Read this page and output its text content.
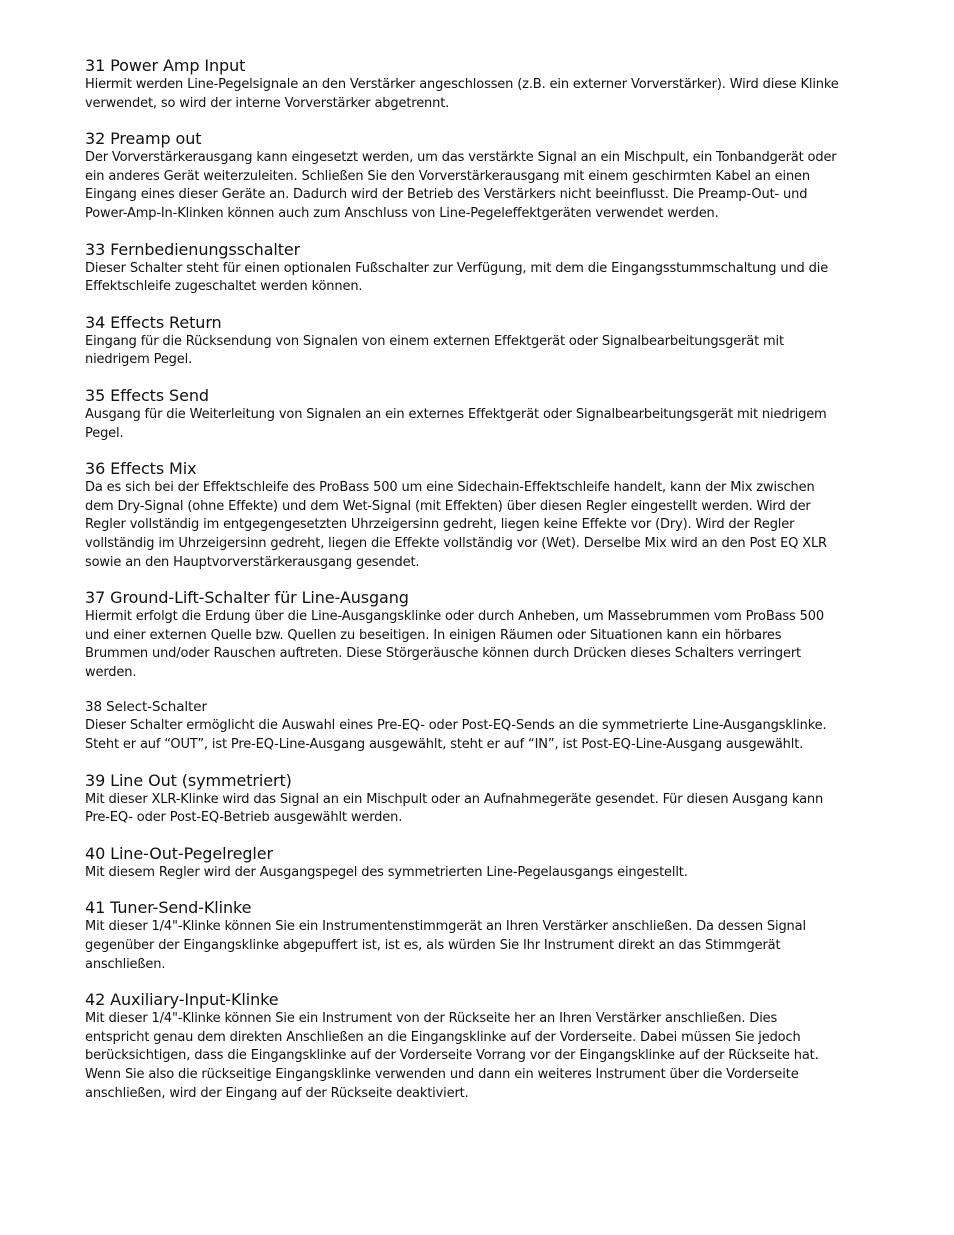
31 Power Amp Input

Hiermit werden Line-Pegelsignale an den Verstärker angeschlossen (z.B. ein externer Vorverstärker). Wird diese Klinke
verwendet, so wird der interne Vorverstärker abgetrennt.

32 Preamp out

Der Vorverstärkerausgang kann eingesetzt werden, um das verstärkte Signal an ein Mischpult, ein Tonbandgerät oder
ein anderes Gerät weiterzuleiten. Schließen Sie den Vorverstärkerausgang mit einem geschirmten Kabel an einen
Eingang eines dieser Geräte an. Dadurch wird der Betrieb des Verstärkers nicht beeinflusst. Die Preamp-Out- und
Power-Amp-In-Klinken können auch zum Anschluss von Line-Pegeleffektgeräten verwendet werden.

33 Fernbedienungsschalter

Dieser Schalter steht für einen optionalen Fußschalter zur Verfügung, mit dem die Eingangsstummschaltung und die
Effektschleife zugeschaltet werden können.

34 Effects Return

Eingang für die Rücksendung von Signalen von einem externen Effektgerät oder Signalbearbeitungsgerät mit
niedrigem Pegel.

35 Effects Send

Ausgang für die Weiterleitung von Signalen an ein externes Effektgerät oder Signalbearbeitungsgerät mit niedrigem
Pegel.

36 Effects Mix

Da es sich bei der Effektschleife des ProBass 500 um eine Sidechain-Effektschleife handelt, kann der Mix zwischen
dem Dry-Signal (ohne Effekte) und dem Wet-Signal (mit Effekten) über diesen Regler eingestellt werden. Wird der
Regler vollständig im entgegengesetzten Uhrzeigersinn gedreht, liegen keine Effekte vor (Dry). Wird der Regler
vollständig im Uhrzeigersinn gedreht, liegen die Effekte vollständig vor (Wet). Derselbe Mix wird an den Post EQ XLR
sowie an den Hauptvorverstärkerausgang gesendet.

37 Ground-Lift-Schalter für Line-Ausgang

Hiermit erfolgt die Erdung über die Line-Ausgangsklinke oder durch Anheben, um Massebrummen vom ProBass 500
und einer externen Quelle bzw. Quellen zu beseitigen. In einigen Räumen oder Situationen kann ein hörbares
Brummen und/oder Rauschen auftreten. Diese Störgeräusche können durch Drücken dieses Schalters verringert
werden.

38 Select-Schalter

Dieser Schalter ermöglicht die Auswahl eines Pre-EQ- oder Post-EQ-Sends an die symmetrierte Line-Ausgangsklinke.
Steht er auf “OUT”, ist Pre-EQ-Line-Ausgang ausgewählt, steht er auf “IN”, ist Post-EQ-Line-Ausgang ausgewählt.

39 Line Out (symmetriert)

Mit dieser XLR-Klinke wird das Signal an ein Mischpult oder an Aufnahmegeräte gesendet. Für diesen Ausgang kann
Pre-EQ- oder Post-EQ-Betrieb ausgewählt werden.

40 Line-Out-Pegelregler

Mit diesem Regler wird der Ausgangspegel des symmetrierten Line-Pegelausgangs eingestellt.

41 Tuner-Send-Klinke

Mit dieser 1/4"-Klinke können Sie ein Instrumentenstimmgerät an Ihren Verstärker anschließen. Da dessen Signal
gegenüber der Eingangsklinke abgepuffert ist, ist es, als würden Sie Ihr Instrument direkt an das Stimmgerät
anschließen.

42 Auxiliary-Input-Klinke

Mit dieser 1/4"-Klinke können Sie ein Instrument von der Rückseite her an Ihren Verstärker anschließen. Dies
entspricht genau dem direkten Anschließen an die Eingangsklinke auf der Vorderseite. Dabei müssen Sie jedoch
berücksichtigen, dass die Eingangsklinke auf der Vorderseite Vorrang vor der Eingangsklinke auf der Rückseite hat.
Wenn Sie also die rückseitige Eingangsklinke verwenden und dann ein weiteres Instrument über die Vorderseite
anschließen, wird der Eingang auf der Rückseite deaktiviert.
